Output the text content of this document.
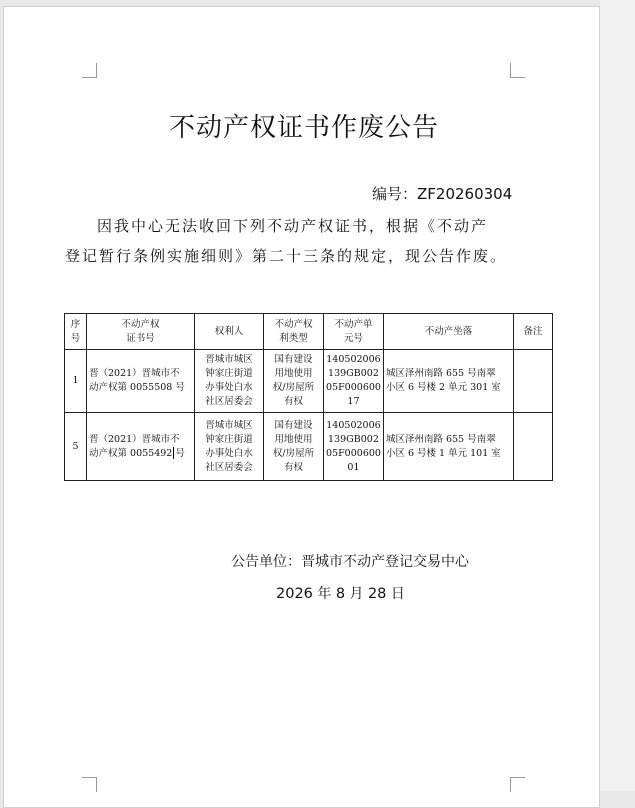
不动产权证书作废公告
编号：ZF20260304
因我中心无法收回下列不动产权证书，根据《不动产
登记暂行条例实施细则》第二十三条的规定，现公告作废。
序
号	不动产权
证书号	权利人	不动产权
利类型	不动产单
元号	不动产坐落	备注
1	晋（2021）晋城市不
动产权第 0055508 号	晋城市城区
钟家庄街道
办事处白水
社区居委会	国有建设
用地使用
权/房屋所
有权	140502006
139GB002
05F000600
17	城区泽州南路 655 号南翠
小区 6 号楼 2 单元 301 室	
5	晋（2021）晋城市不
动产权第 0055492 号	晋城市城区
钟家庄街道
办事处白水
社区居委会	国有建设
用地使用
权/房屋所
有权	140502006
139GB002
05F000600
01	城区泽州南路 655 号南翠
小区 6 号楼 1 单元 101 室	
公告单位：晋城市不动产登记交易中心
2026 年 8 月 28 日
